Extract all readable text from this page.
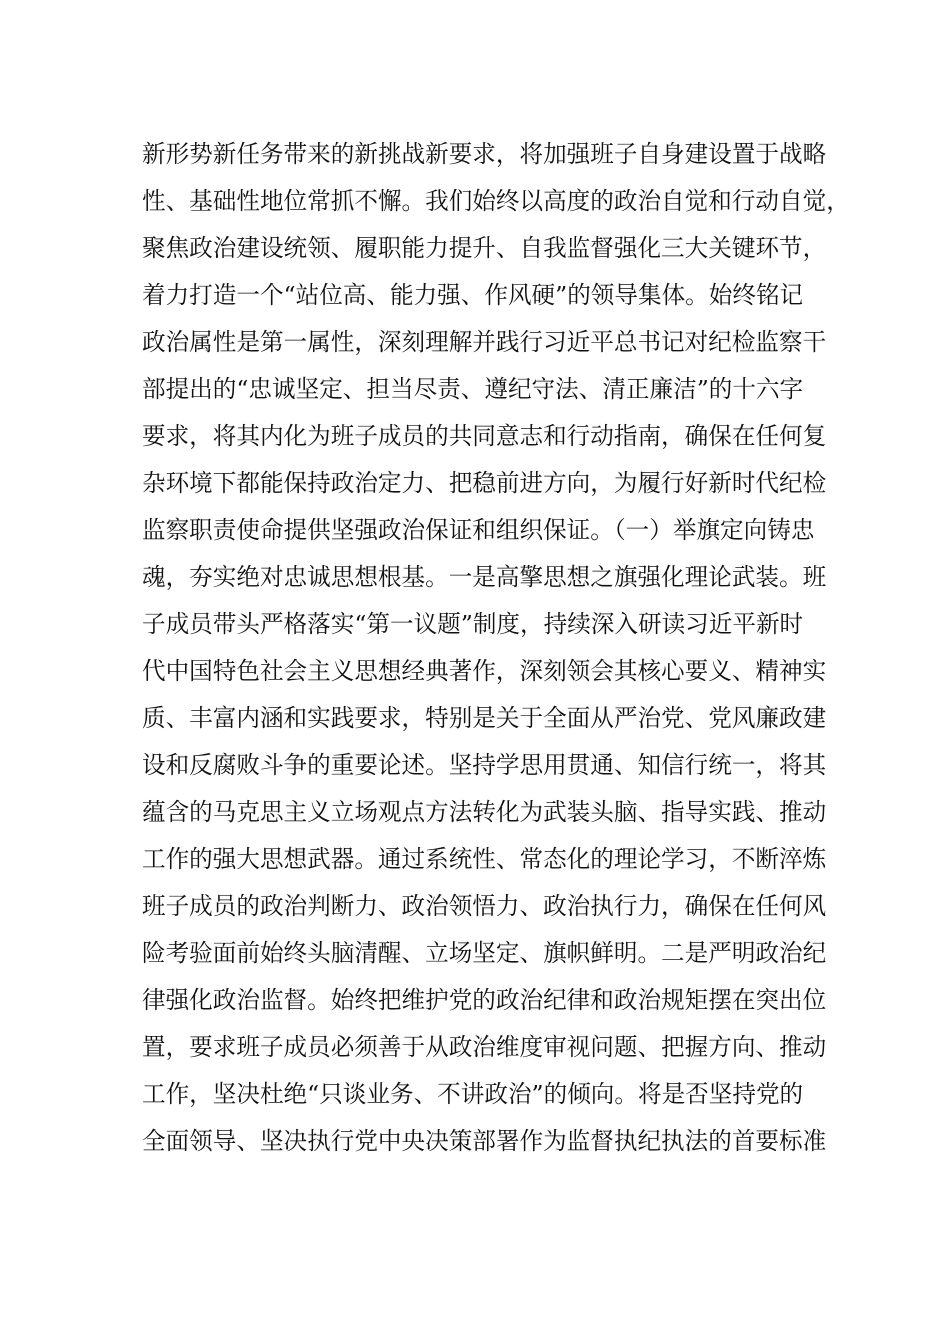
新形势新任务带来的新挑战新要求，将加强班子自身建设置于战略
性、基础性地位常抓不懈。我们始终以高度的政治自觉和行动自觉，
聚焦政治建设统领、履职能力提升、自我监督强化三大关键环节，
着力打造一个“站位高、能力强、作风硬”的领导集体。始终铭记
政治属性是第一属性，深刻理解并践行习近平总书记对纪检监察干
部提出的“忠诚坚定、担当尽责、遵纪守法、清正廉洁”的十六字
要求，将其内化为班子成员的共同意志和行动指南，确保在任何复
杂环境下都能保持政治定力、把稳前进方向，为履行好新时代纪检
监察职责使命提供坚强政治保证和组织保证。（一）举旗定向铸忠
魂，夯实绝对忠诚思想根基。一是高擎思想之旗强化理论武装。班
子成员带头严格落实“第一议题”制度，持续深入研读习近平新时
代中国特色社会主义思想经典著作，深刻领会其核心要义、精神实
质、丰富内涵和实践要求，特别是关于全面从严治党、党风廉政建
设和反腐败斗争的重要论述。坚持学思用贯通、知信行统一，将其
蕴含的马克思主义立场观点方法转化为武装头脑、指导实践、推动
工作的强大思想武器。通过系统性、常态化的理论学习，不断淬炼
班子成员的政治判断力、政治领悟力、政治执行力，确保在任何风
险考验面前始终头脑清醒、立场坚定、旗帜鲜明。二是严明政治纪
律强化政治监督。始终把维护党的政治纪律和政治规矩摆在突出位
置，要求班子成员必须善于从政治维度审视问题、把握方向、推动
工作，坚决杜绝“只谈业务、不讲政治”的倾向。将是否坚持党的
全面领导、坚决执行党中央决策部署作为监督执纪执法的首要标准
